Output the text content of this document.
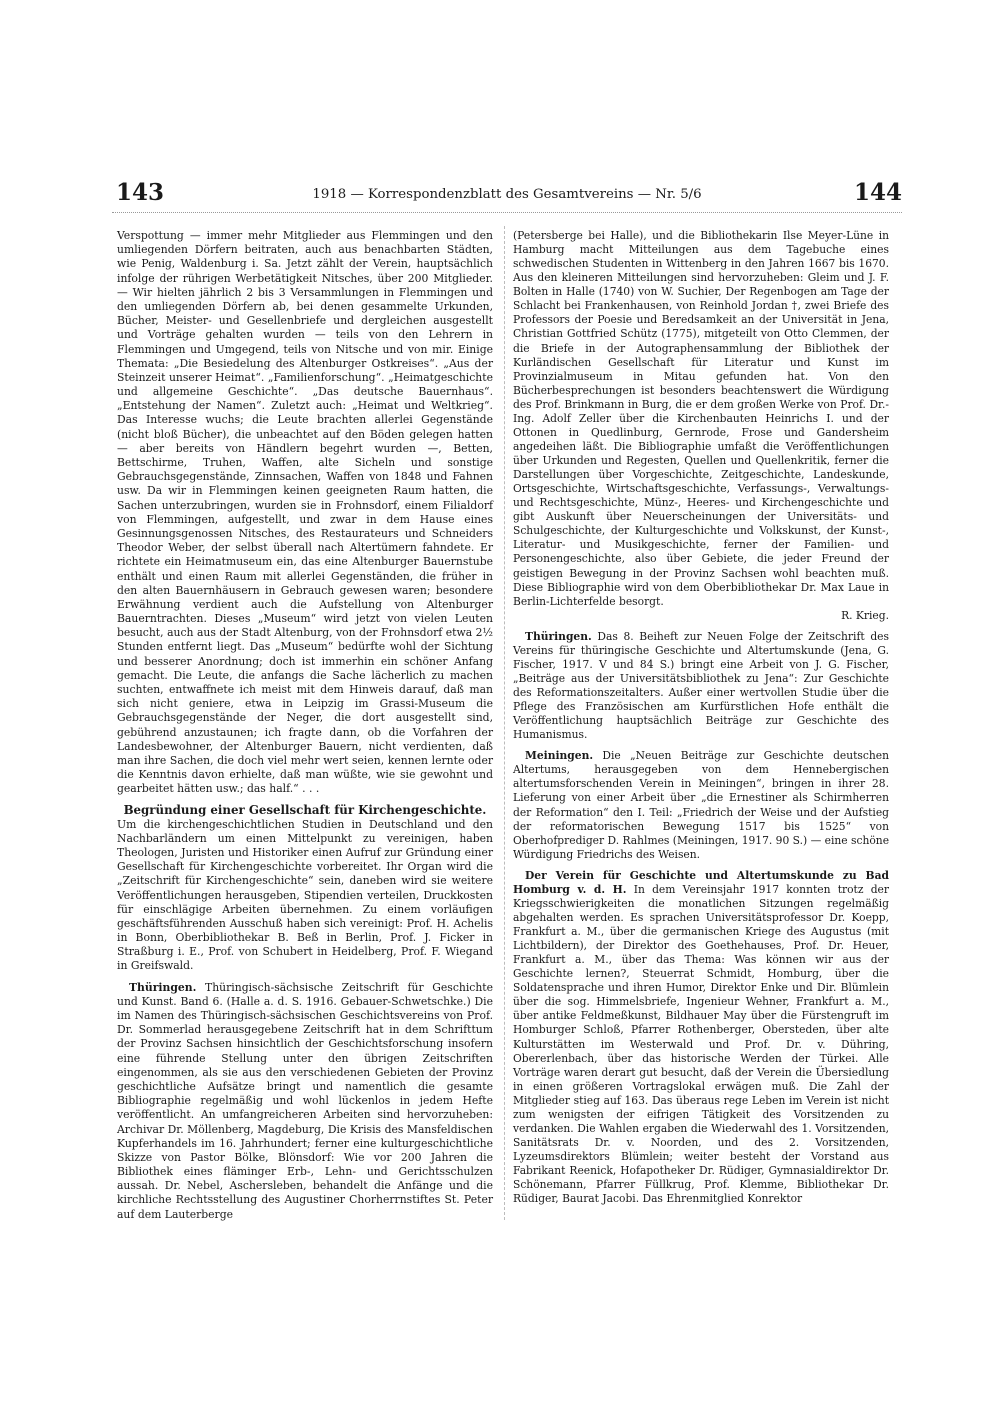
143	1918 — Korrespondenzblatt des Gesamtvereins — Nr. 5/6	144

Verspottung — immer mehr Mitglieder aus Flemmingen und den umliegenden Dörfern beitraten, auch aus benachbarten Städten, wie Penig, Waldenburg i. Sa. Jetzt zählt der Verein, hauptsächlich infolge der rührigen Werbetätigkeit Nitsches, über 200 Mitglieder. — Wir hielten jährlich 2 bis 3 Versammlungen in Flemmingen und den umliegenden Dörfern ab, bei denen gesammelte Urkunden, Bücher, Meister- und Gesellenbriefe und dergleichen ausgestellt und Vorträge gehalten wurden — teils von den Lehrern in Flemmingen und Umgegend, teils von Nitsche und von mir. Einige Themata: „Die Besiedelung des Altenburger Ostkreises“. „Aus der Steinzeit unserer Heimat“. „Familienforschung“. „Heimatgeschichte und allgemeine Geschichte“. „Das deutsche Bauernhaus“. „Entstehung der Namen“. Zuletzt auch: „Heimat und Weltkrieg“. Das Interesse wuchs; die Leute brachten allerlei Gegenstände (nicht bloß Bücher), die unbeachtet auf den Böden gelegen hatten — aber bereits von Händlern begehrt wurden —, Betten, Bettschirme, Truhen, Waffen, alte Sicheln und sonstige Gebrauchsgegenstände, Zinnsachen, Waffen von 1848 und Fahnen usw. Da wir in Flemmingen keinen geeigneten Raum hatten, die Sachen unterzubringen, wurden sie in Frohnsdorf, einem Filialdorf von Flemmingen, aufgestellt, und zwar in dem Hause eines Gesinnungsgenossen Nitsches, des Restaurateurs und Schneiders Theodor Weber, der selbst überall nach Altertümern fahndete. Er richtete ein Heimatmuseum ein, das eine Altenburger Bauernstube enthält und einen Raum mit allerlei Gegenständen, die früher in den alten Bauernhäusern in Gebrauch gewesen waren; besondere Erwähnung verdient auch die Aufstellung von Altenburger Bauerntrachten. Dieses „Museum“ wird jetzt von vielen Leuten besucht, auch aus der Stadt Altenburg, von der Frohnsdorf etwa 2½ Stunden entfernt liegt. Das „Museum“ bedürfte wohl der Sichtung und besserer Anordnung; doch ist immerhin ein schöner Anfang gemacht. Die Leute, die anfangs die Sache lächerlich zu machen suchten, entwaffnete ich meist mit dem Hinweis darauf, daß man sich nicht geniere, etwa in Leipzig im Grassi-Museum die Gebrauchsgegenstände der Neger, die dort ausgestellt sind, gebührend anzustaunen; ich fragte dann, ob die Vorfahren der Landesbewohner, der Altenburger Bauern, nicht verdienten, daß man ihre Sachen, die doch viel mehr wert seien, kennen lernte oder die Kenntnis davon erhielte, daß man wüßte, wie sie gewohnt und gearbeitet hätten usw.; das half.“ . . .

Begründung einer Gesellschaft für Kirchengeschichte.

Um die kirchengeschichtlichen Studien in Deutschland und den Nachbarländern um einen Mittelpunkt zu vereinigen, haben Theologen, Juristen und Historiker einen Aufruf zur Gründung einer Gesellschaft für Kirchengeschichte vorbereitet. Ihr Organ wird die „Zeitschrift für Kirchengeschichte“ sein, daneben wird sie weitere Veröffentlichungen herausgeben, Stipendien verteilen, Druckkosten für einschlägige Arbeiten übernehmen. Zu einem vorläufigen geschäftsführenden Ausschuß haben sich vereinigt: Prof. H. Achelis in Bonn, Oberbibliothekar B. Beß in Berlin, Prof. J. Ficker in Straßburg i. E., Prof. von Schubert in Heidelberg, Prof. F. Wiegand in Greifswald.

Thüringen. Thüringisch-sächsische Zeitschrift für Geschichte und Kunst. Band 6. (Halle a. d. S. 1916. Gebauer-Schwetschke.) Die im Namen des Thüringisch-sächsischen Geschichtsvereins von Prof. Dr. Sommerlad herausgegebene Zeitschrift hat in dem Schrifttum der Provinz Sachsen hinsichtlich der Geschichtsforschung insofern eine führende Stellung unter den übrigen Zeitschriften eingenommen, als sie aus den verschiedenen Gebieten der Provinz geschichtliche Aufsätze bringt und namentlich die gesamte Bibliographie regelmäßig und wohl lückenlos in jedem Hefte veröffentlicht. An umfangreicheren Arbeiten sind hervorzuheben: Archivar Dr. Möllenberg, Magdeburg, Die Krisis des Mansfeldischen Kupferhandels im 16. Jahrhundert; ferner eine kulturgeschichtliche Skizze von Pastor Bölke, Blönsdorf: Wie vor 200 Jahren die Bibliothek eines fläminger Erb-, Lehn- und Gerichtsschulzen aussah. Dr. Nebel, Aschersleben, behandelt die Anfänge und die kirchliche Rechtsstellung des Augustiner Chorherrnstiftes St. Peter auf dem Lauterberge

(Petersberge bei Halle), und die Bibliothekarin Ilse Meyer-Lüne in Hamburg macht Mitteilungen aus dem Tagebuche eines schwedischen Studenten in Wittenberg in den Jahren 1667 bis 1670. Aus den kleineren Mitteilungen sind hervorzuheben: Gleim und J. F. Bolten in Halle (1740) von W. Suchier, Der Regenbogen am Tage der Schlacht bei Frankenhausen, von Reinhold Jordan †, zwei Briefe des Professors der Poesie und Beredsamkeit an der Universität in Jena, Christian Gottfried Schütz (1775), mitgeteilt von Otto Clemmen, der die Briefe in der Autographensammlung der Bibliothek der Kurländischen Gesellschaft für Literatur und Kunst im Provinzialmuseum in Mitau gefunden hat. Von den Bücherbesprechungen ist besonders beachtenswert die Würdigung des Prof. Brinkmann in Burg, die er dem großen Werke von Prof. Dr.-Ing. Adolf Zeller über die Kirchenbauten Heinrichs I. und der Ottonen in Quedlinburg, Gernrode, Frose und Gandersheim angedeihen läßt. Die Bibliographie umfaßt die Veröffentlichungen über Urkunden und Regesten, Quellen und Quellenkritik, ferner die Darstellungen über Vorgeschichte, Zeitgeschichte, Landeskunde, Ortsgeschichte, Wirtschaftsgeschichte, Verfassungs-, Verwaltungs- und Rechtsgeschichte, Münz-, Heeres- und Kirchengeschichte und gibt Auskunft über Neuerscheinungen der Universitäts- und Schulgeschichte, der Kulturgeschichte und Volkskunst, der Kunst-, Literatur- und Musikgeschichte, ferner der Familien- und Personengeschichte, also über Gebiete, die jeder Freund der geistigen Bewegung in der Provinz Sachsen wohl beachten muß. Diese Bibliographie wird von dem Oberbibliothekar Dr. Max Laue in Berlin-Lichterfelde besorgt.

R. Krieg.

Thüringen. Das 8. Beiheft zur Neuen Folge der Zeitschrift des Vereins für thüringische Geschichte und Altertumskunde (Jena, G. Fischer, 1917. V und 84 S.) bringt eine Arbeit von J. G. Fischer, „Beiträge aus der Universitätsbibliothek zu Jena“: Zur Geschichte des Reformationszeitalters. Außer einer wertvollen Studie über die Pflege des Französischen am Kurfürstlichen Hofe enthält die Veröffentlichung hauptsächlich Beiträge zur Geschichte des Humanismus.

Meiningen. Die „Neuen Beiträge zur Geschichte deutschen Altertums, herausgegeben von dem Hennebergischen altertumsforschenden Verein in Meiningen“, bringen in ihrer 28. Lieferung von einer Arbeit über „die Ernestiner als Schirmherren der Reformation“ den I. Teil: „Friedrich der Weise und der Aufstieg der reformatorischen Bewegung 1517 bis 1525“ von Oberhofprediger D. Rahlmes (Meiningen, 1917. 90 S.) — eine schöne Würdigung Friedrichs des Weisen.

Der Verein für Geschichte und Altertumskunde zu Bad Homburg v. d. H. In dem Vereinsjahr 1917 konnten trotz der Kriegsschwierigkeiten die monatlichen Sitzungen regelmäßig abgehalten werden. Es sprachen Universitätsprofessor Dr. Koepp, Frankfurt a. M., über die germanischen Kriege des Augustus (mit Lichtbildern), der Direktor des Goethehauses, Prof. Dr. Heuer, Frankfurt a. M., über das Thema: Was können wir aus der Geschichte lernen?, Steuerrat Schmidt, Homburg, über die Soldatensprache und ihren Humor, Direktor Enke und Dir. Blümlein über die sog. Himmelsbriefe, Ingenieur Wehner, Frankfurt a. M., über antike Feldmeßkunst, Bildhauer May über die Fürstengruft im Homburger Schloß, Pfarrer Rothenberger, Obersteden, über alte Kulturstätten im Westerwald und Prof. Dr. v. Dühring, Obererlenbach, über das historische Werden der Türkei. Alle Vorträge waren derart gut besucht, daß der Verein die Übersiedlung in einen größeren Vortragslokal erwägen muß. Die Zahl der Mitglieder stieg auf 163. Das überaus rege Leben im Verein ist nicht zum wenigsten der eifrigen Tätigkeit des Vorsitzenden zu verdanken. Die Wahlen ergaben die Wiederwahl des 1. Vorsitzenden, Sanitätsrats Dr. v. Noorden, und des 2. Vorsitzenden, Lyzeumsdirektors Blümlein; weiter besteht der Vorstand aus Fabrikant Reenick, Hofapotheker Dr. Rüdiger, Gymnasialdirektor Dr. Schönemann, Pfarrer Füllkrug, Prof. Klemme, Bibliothekar Dr. Rüdiger, Baurat Jacobi. Das Ehrenmitglied Konrektor
